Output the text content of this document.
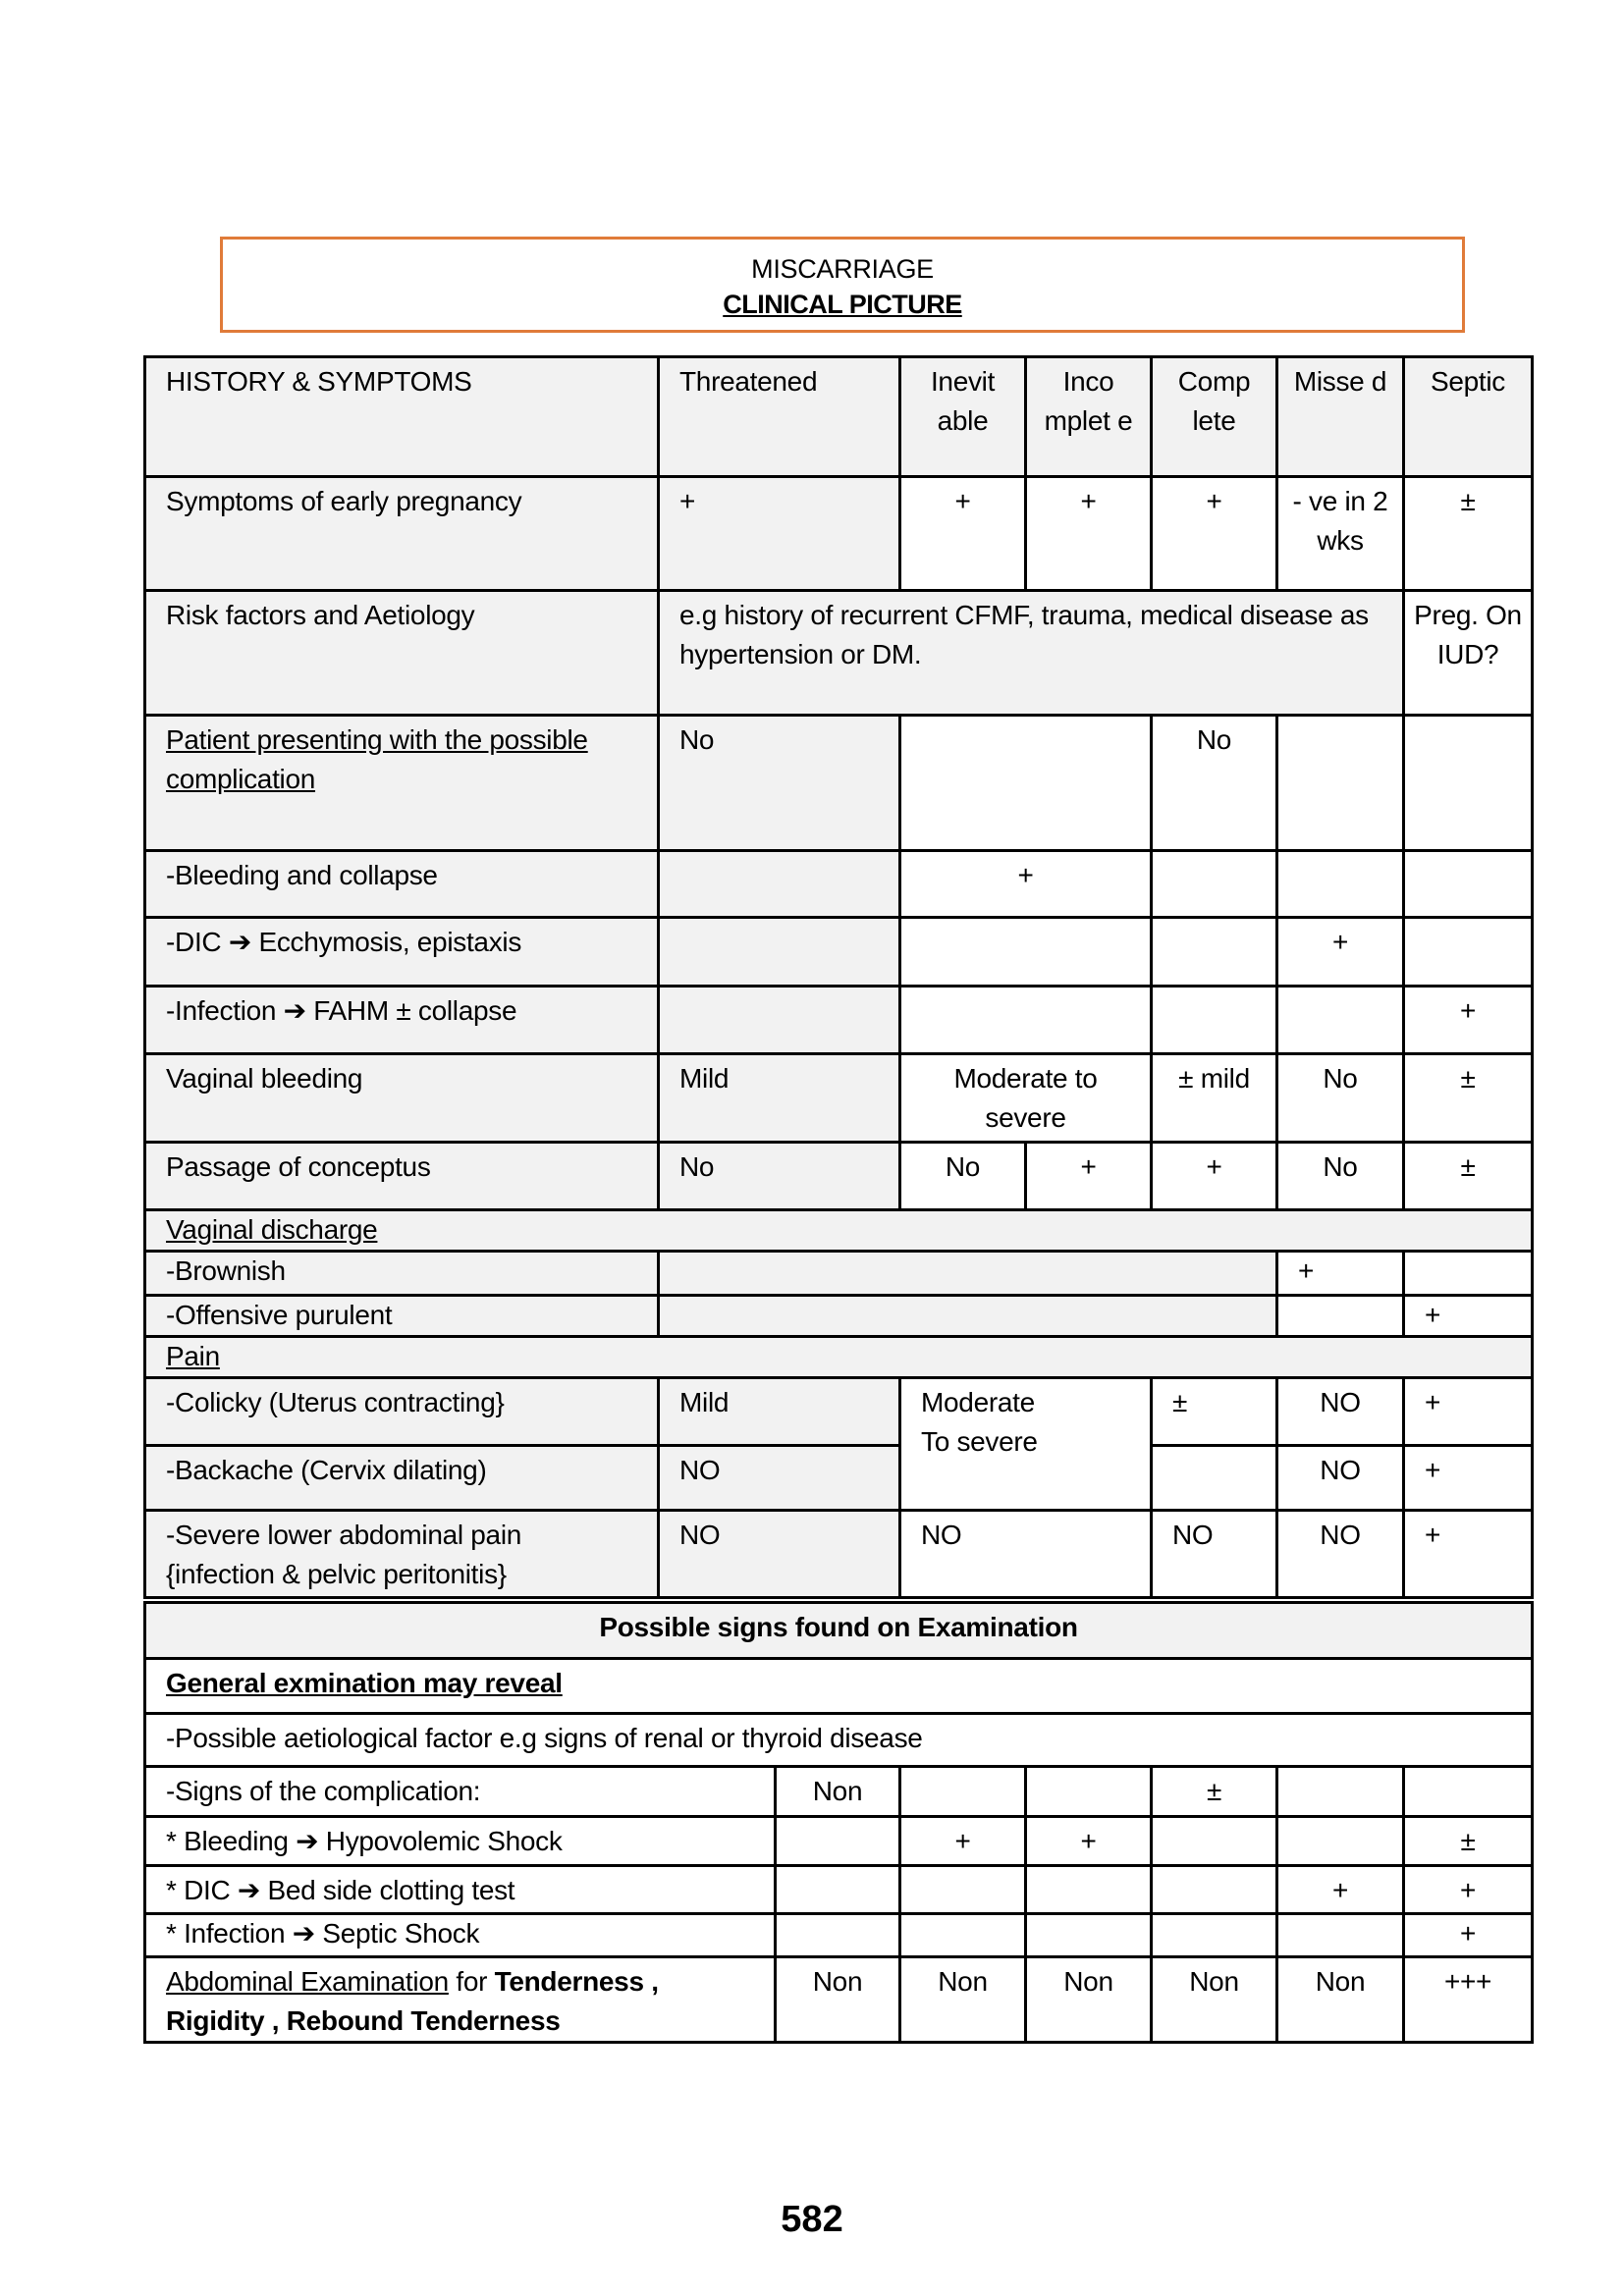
MISCARRIAGE
CLINICAL PICTURE
HISTORY & SYMPTOMS	Threatened	Inevit able	Inco mplet e	Comp lete	Misse d	Septic
Symptoms of early pregnancy	+	+	+	+	- ve in 2 wks	±
Risk factors and Aetiology	e.g history of recurrent CFMF, trauma, medical disease as hypertension or DM.					Preg. On IUD?
Patient presenting with the possible complication	No			No		
-Bleeding and collapse		+				
-DIC ➔ Ecchymosis, epistaxis					+	
-Infection ➔ FAHM ± collapse						+
Vaginal bleeding	Mild	Moderate to severe		± mild	No	±
Passage of conceptus	No	No	+	+	No	±
Vaginal discharge						
-Brownish					+	
-Offensive purulent						+
Pain						
-Colicky (Uterus contracting}	Mild	Moderate To severe		±	NO	+
-Backache (Cervix dilating)	NO				NO	+
-Severe lower abdominal pain {infection & pelvic peritonitis}	NO	NO		NO	NO	+
Possible signs found on Examination						
General exmination may reveal						
-Possible aetiological factor e.g signs of renal or thyroid disease						
-Signs of the complication:	Non			±		
* Bleeding ➔ Hypovolemic Shock		+	+			±
* DIC ➔ Bed side clotting test					+	+
* Infection ➔ Septic Shock						+
Abdominal Examination for Tenderness ,
Rigidity , Rebound Tenderness	Non	Non	Non	Non	Non	+++
582
